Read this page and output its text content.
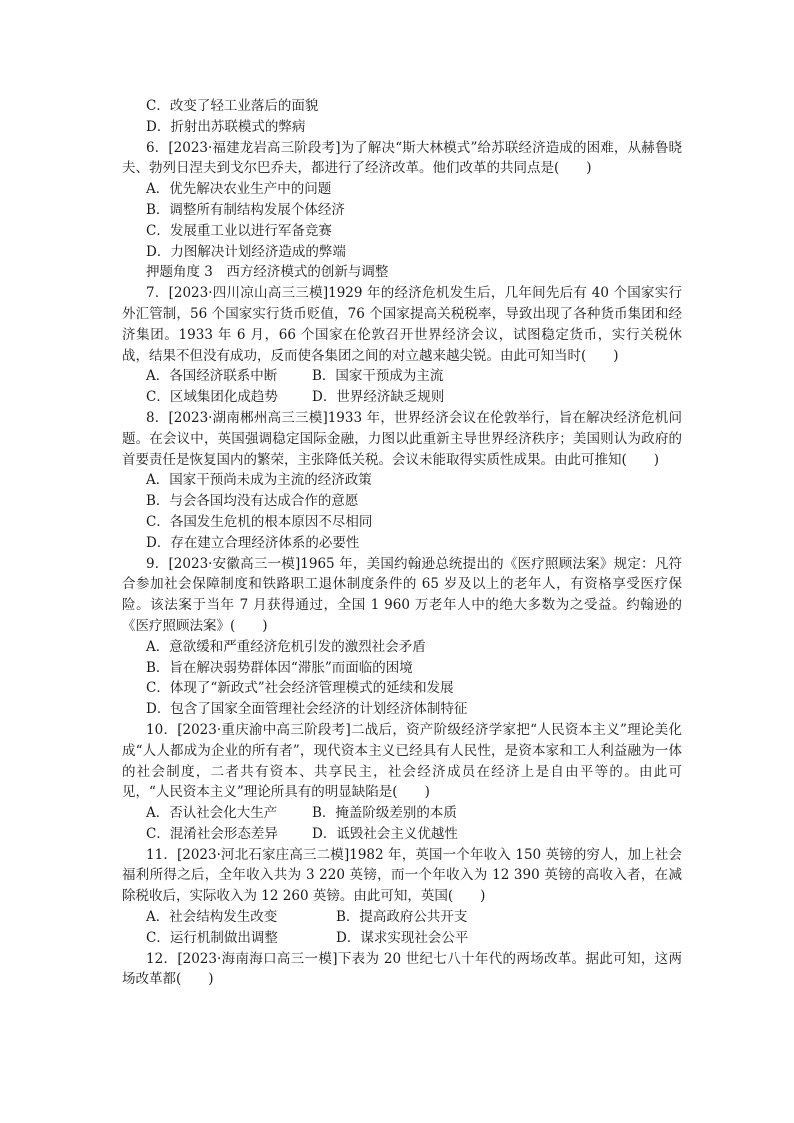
C．改变了轻工业落后的面貌
D．折射出苏联模式的弊病

6．[2023·福建龙岩高三阶段考]为了解决“斯大林模式”给苏联经济造成的困难，从赫鲁晓夫、勃列日涅夫到戈尔巴乔夫，都进行了经济改革。他们改革的共同点是(　　)

A．优先解决农业生产中的问题
B．调整所有制结构发展个体经济
C．发展重工业以进行军备竞赛
D．力图解决计划经济造成的弊端
押题角度 3　西方经济模式的创新与调整

7．[2023·四川凉山高三三模]1929 年的经济危机发生后，几年间先后有 40 个国家实行外汇管制，56 个国家实行货币贬值，76 个国家提高关税税率，导致出现了各种货币集团和经济集团。1933 年 6 月，66 个国家在伦敦召开世界经济会议，试图稳定货币，实行关税休战，结果不但没有成功，反而使各集团之间的对立越来越尖锐。由此可知当时(　　)

A．各国经济联系中断	B．国家干预成为主流
C．区域集团化成趋势	D．世界经济缺乏规则

8．[2023·湖南郴州高三三模]1933 年，世界经济会议在伦敦举行，旨在解决经济危机问题。在会议中，英国强调稳定国际金融，力图以此重新主导世界经济秩序；美国则认为政府的首要责任是恢复国内的繁荣，主张降低关税。会议未能取得实质性成果。由此可推知(　　)

A．国家干预尚未成为主流的经济政策
B．与会各国均没有达成合作的意愿
C．各国发生危机的根本原因不尽相同
D．存在建立合理经济体系的必要性

9．[2023·安徽高三一模]1965 年，美国约翰逊总统提出的《医疗照顾法案》规定：凡符合参加社会保障制度和铁路职工退休制度条件的 65 岁及以上的老年人，有资格享受医疗保险。该法案于当年 7 月获得通过，全国 1 960 万老年人中的绝大多数为之受益。约翰逊的《医疗照顾法案》(　　)

A．意欲缓和严重经济危机引发的激烈社会矛盾
B．旨在解决弱势群体因“滞胀”而面临的困境
C．体现了“新政式”社会经济管理模式的延续和发展
D．包含了国家全面管理社会经济的计划经济体制特征

10．[2023·重庆渝中高三阶段考]二战后，资产阶级经济学家把“人民资本主义”理论美化成“人人都成为企业的所有者”，现代资本主义已经具有人民性，是资本家和工人利益融为一体的社会制度，二者共有资本、共享民主，社会经济成员在经济上是自由平等的。由此可见，“人民资本主义”理论所具有的明显缺陷是(　　)

A．否认社会化大生产	B．掩盖阶级差别的本质
C．混淆社会形态差异	D．诋毁社会主义优越性

11．[2023·河北石家庄高三二模]1982 年，英国一个年收入 150 英镑的穷人，加上社会福利所得之后，全年收入共为 3 220 英镑，而一个年收入为 12 390 英镑的高收入者，在减除税收后，实际收入为 12 260 英镑。由此可知，英国(　　)

A．社会结构发生改变	B．提高政府公共开支
C．运行机制做出调整	D．谋求实现社会公平

12．[2023·海南海口高三一模]下表为 20 世纪七八十年代的两场改革。据此可知，这两场改革都(　　)
